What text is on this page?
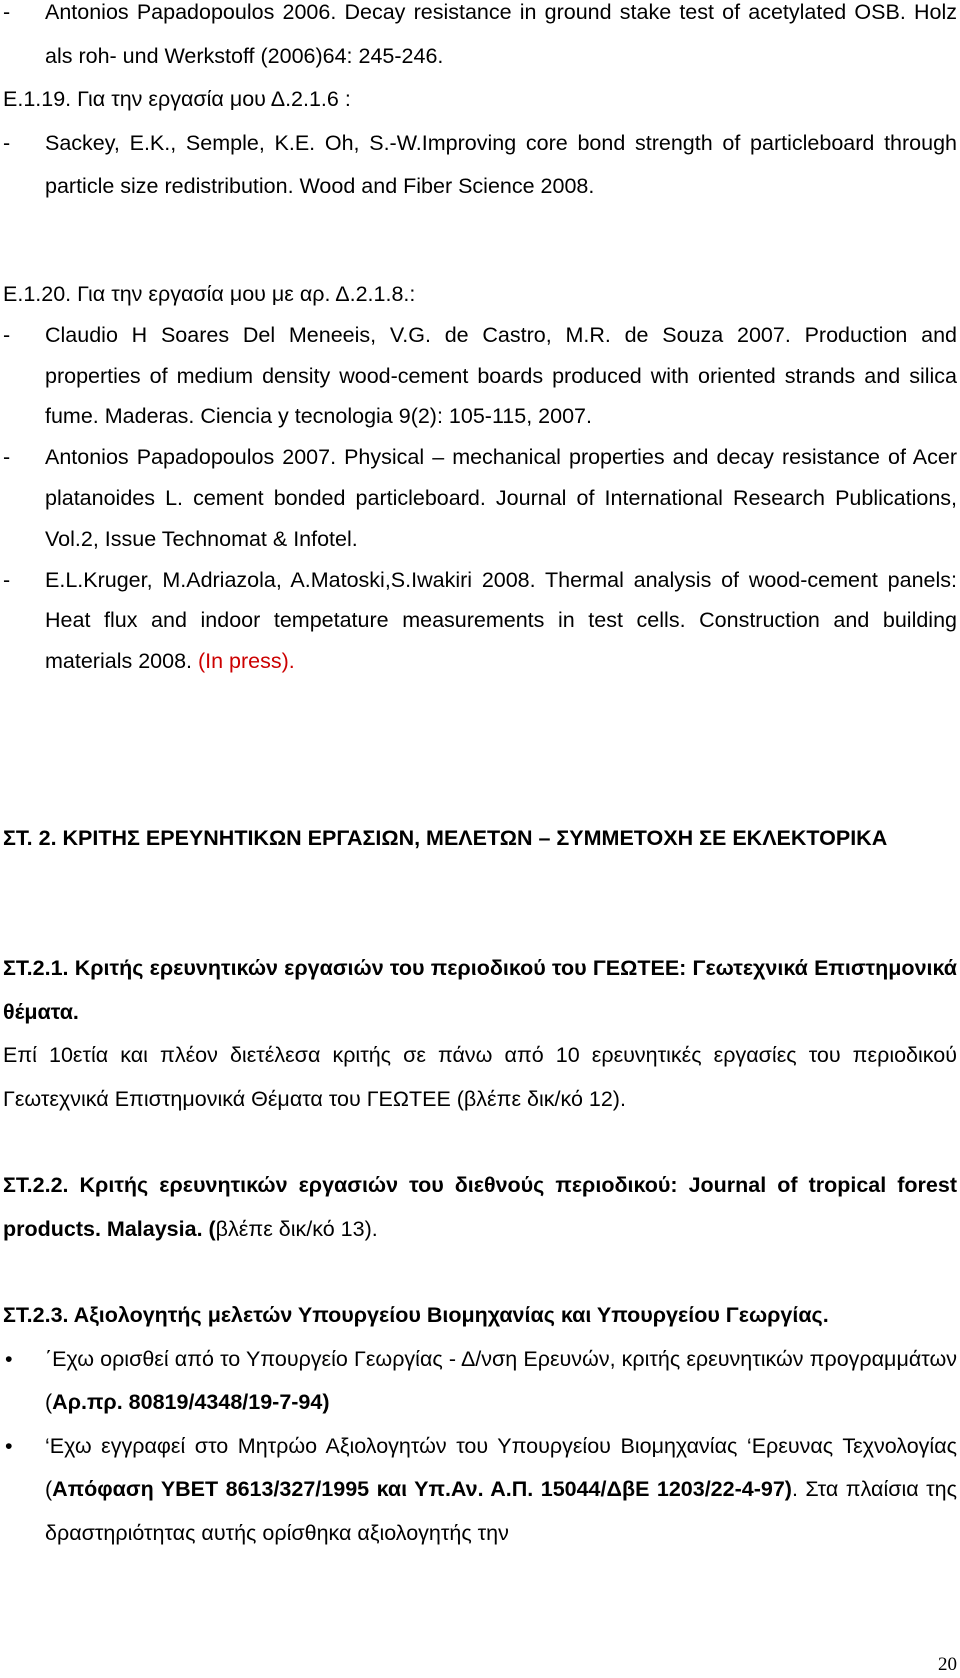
- Antonios Papadopoulos 2006. Decay resistance in ground stake test of acetylated OSB. Holz als roh- und Werkstoff (2006)64: 245-246.

E.1.19. Για την εργασία μου Δ.2.1.6 :

- Sackey, E.K., Semple, K.E. Oh, S.-W.Improving core bond strength of particleboard through particle size redistribution. Wood and Fiber Science 2008.

E.1.20. Για την εργασία μου με αρ. Δ.2.1.8.:

- Claudio H Soares Del Meneeis, V.G. de Castro, M.R. de Souza 2007. Production and properties of medium density wood-cement boards produced with oriented strands and silica fume. Maderas. Ciencia y tecnologia 9(2): 105-115, 2007.

- Antonios Papadopoulos 2007. Physical – mechanical properties and decay resistance of Acer platanoides L. cement bonded particleboard. Journal of International Research Publications, Vol.2, Issue Technomat & Infotel.

- E.L.Kruger, M.Adriazola, A.Matoski,S.Iwakiri 2008. Thermal analysis of wood-cement panels: Heat flux and indoor tempetature measurements in test cells. Construction and building materials 2008. (In press).

ΣΤ. 2. ΚΡΙΤΗΣ ΕΡΕΥΝΗΤΙΚΩΝ ΕΡΓΑΣΙΩΝ, ΜΕΛΕΤΩΝ – ΣΥΜΜΕΤΟΧΗ ΣΕ ΕΚΛΕΚΤΟΡΙΚΑ

ΣΤ.2.1. Κριτής ερευνητικών εργασιών του περιοδικού του ΓΕΩΤΕΕ: Γεωτεχνικά Επιστημονικά θέματα.

Επί 10ετία και πλέον διετέλεσα κριτής σε πάνω από 10 ερευνητικές εργασίες του περιοδικού Γεωτεχνικά Επιστημονικά Θέματα του ΓΕΩΤΕΕ (βλέπε δικ/κό 12).

ΣΤ.2.2. Κριτής ερευνητικών εργασιών του διεθνούς περιοδικού: Journal of tropical forest products. Malaysia. (βλέπε δικ/κό 13).

ΣΤ.2.3. Αξιολογητής μελετών Υπουργείου Βιομηχανίας και Υπουργείου Γεωργίας.

• ΄Εχω ορισθεί από το Υπουργείο Γεωργίας - Δ/νση Ερευνών, κριτής ερευνητικών προγραμμάτων (Αρ.πρ. 80819/4348/19-7-94)

• ‘Εχω εγγραφεί στο Μητρώο Αξιολογητών του Υπουργείου Βιομηχανίας ‘Ερευνας Τεχνολογίας (Απόφαση ΥΒΕΤ 8613/327/1995 και Υπ.Αν. Α.Π. 15044/ΔβΕ 1203/22-4-97). Στα πλαίσια της δραστηριότητας αυτής ορίσθηκα αξιολογητής την

20
